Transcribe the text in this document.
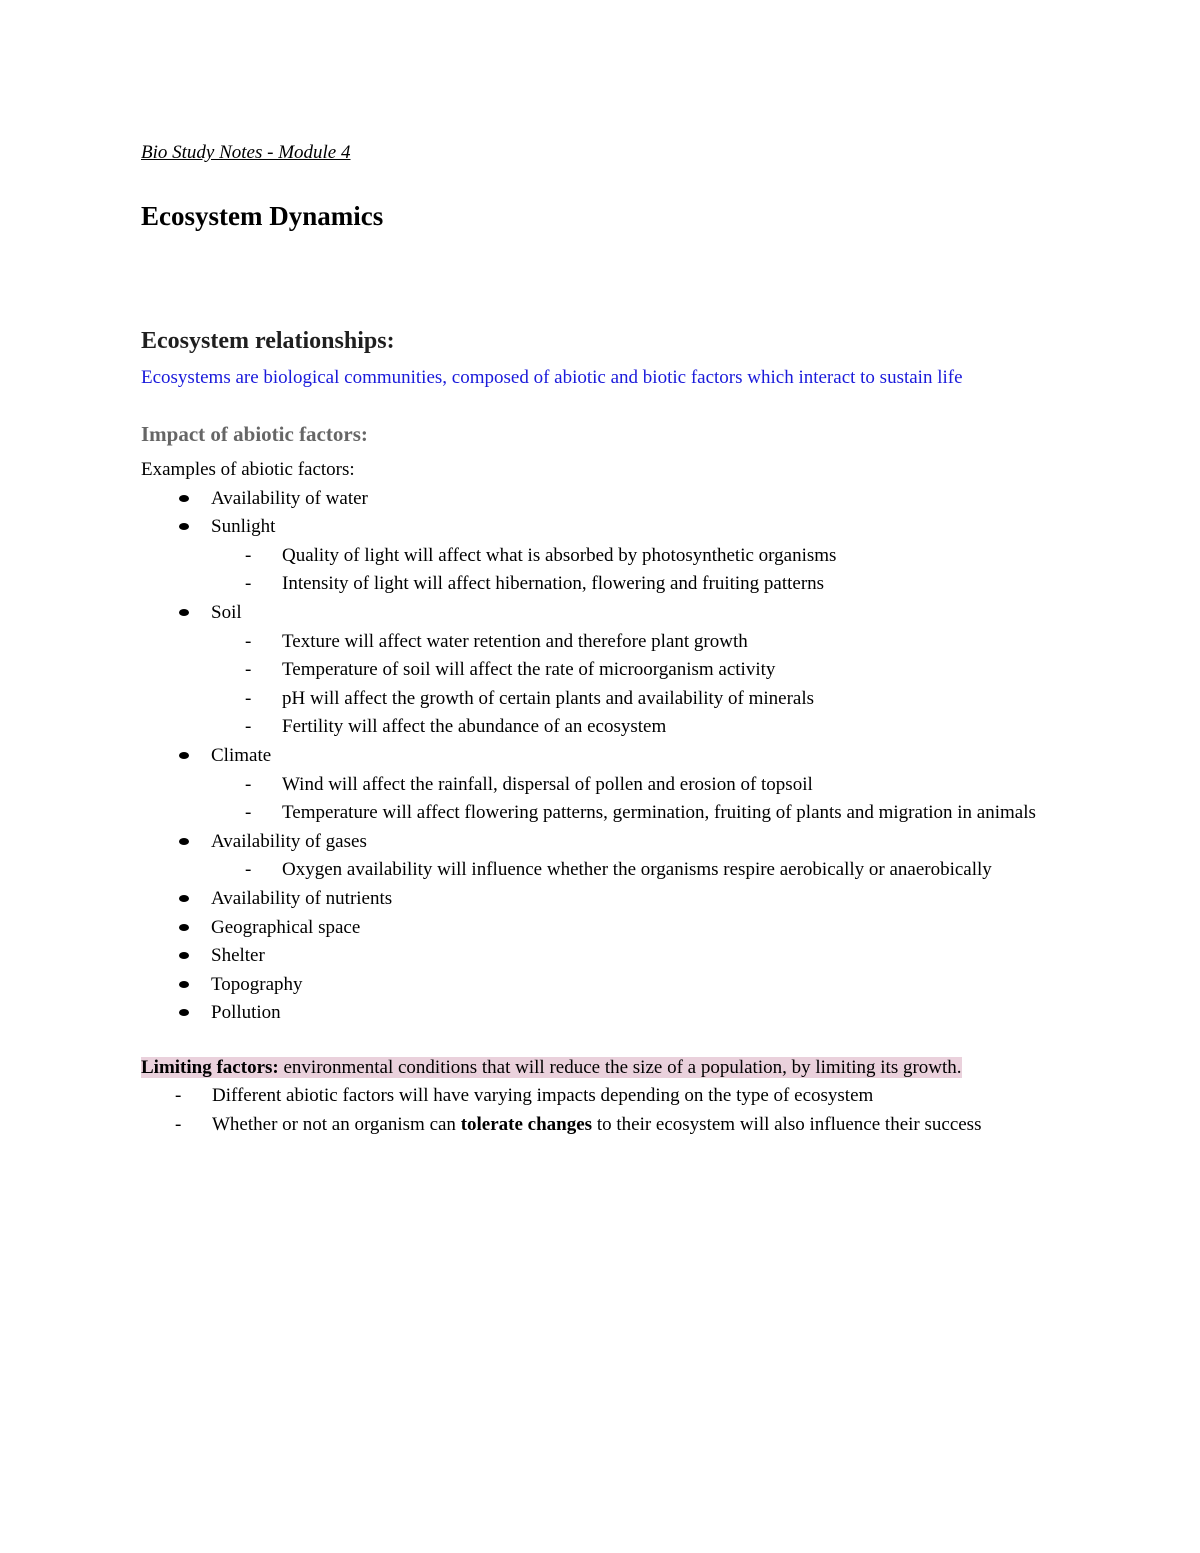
Bio Study Notes - Module 4

Ecosystem Dynamics
Ecosystem relationships:

Ecosystems are biological communities, composed of abiotic and biotic factors which interact to sustain life

Impact of abiotic factors:

Examples of abiotic factors:

Availability of water
Sunlight
- Quality of light will affect what is absorbed by photosynthetic organisms
- Intensity of light will affect hibernation, flowering and fruiting patterns
Soil
- Texture will affect water retention and therefore plant growth
- Temperature of soil will affect the rate of microorganism activity
- pH will affect the growth of certain plants and availability of minerals
- Fertility will affect the abundance of an ecosystem
Climate
- Wind will affect the rainfall, dispersal of pollen and erosion of topsoil
- Temperature will affect flowering patterns, germination, fruiting of plants and migration in animals
Availability of gases
- Oxygen availability will influence whether the organisms respire aerobically or anaerobically
Availability of nutrients
Geographical space
Shelter
Topography
Pollution

Limiting factors: environmental conditions that will reduce the size of a population, by limiting its growth.

- Different abiotic factors will have varying impacts depending on the type of ecosystem
- Whether or not an organism can tolerate changes to their ecosystem will also influence their success
